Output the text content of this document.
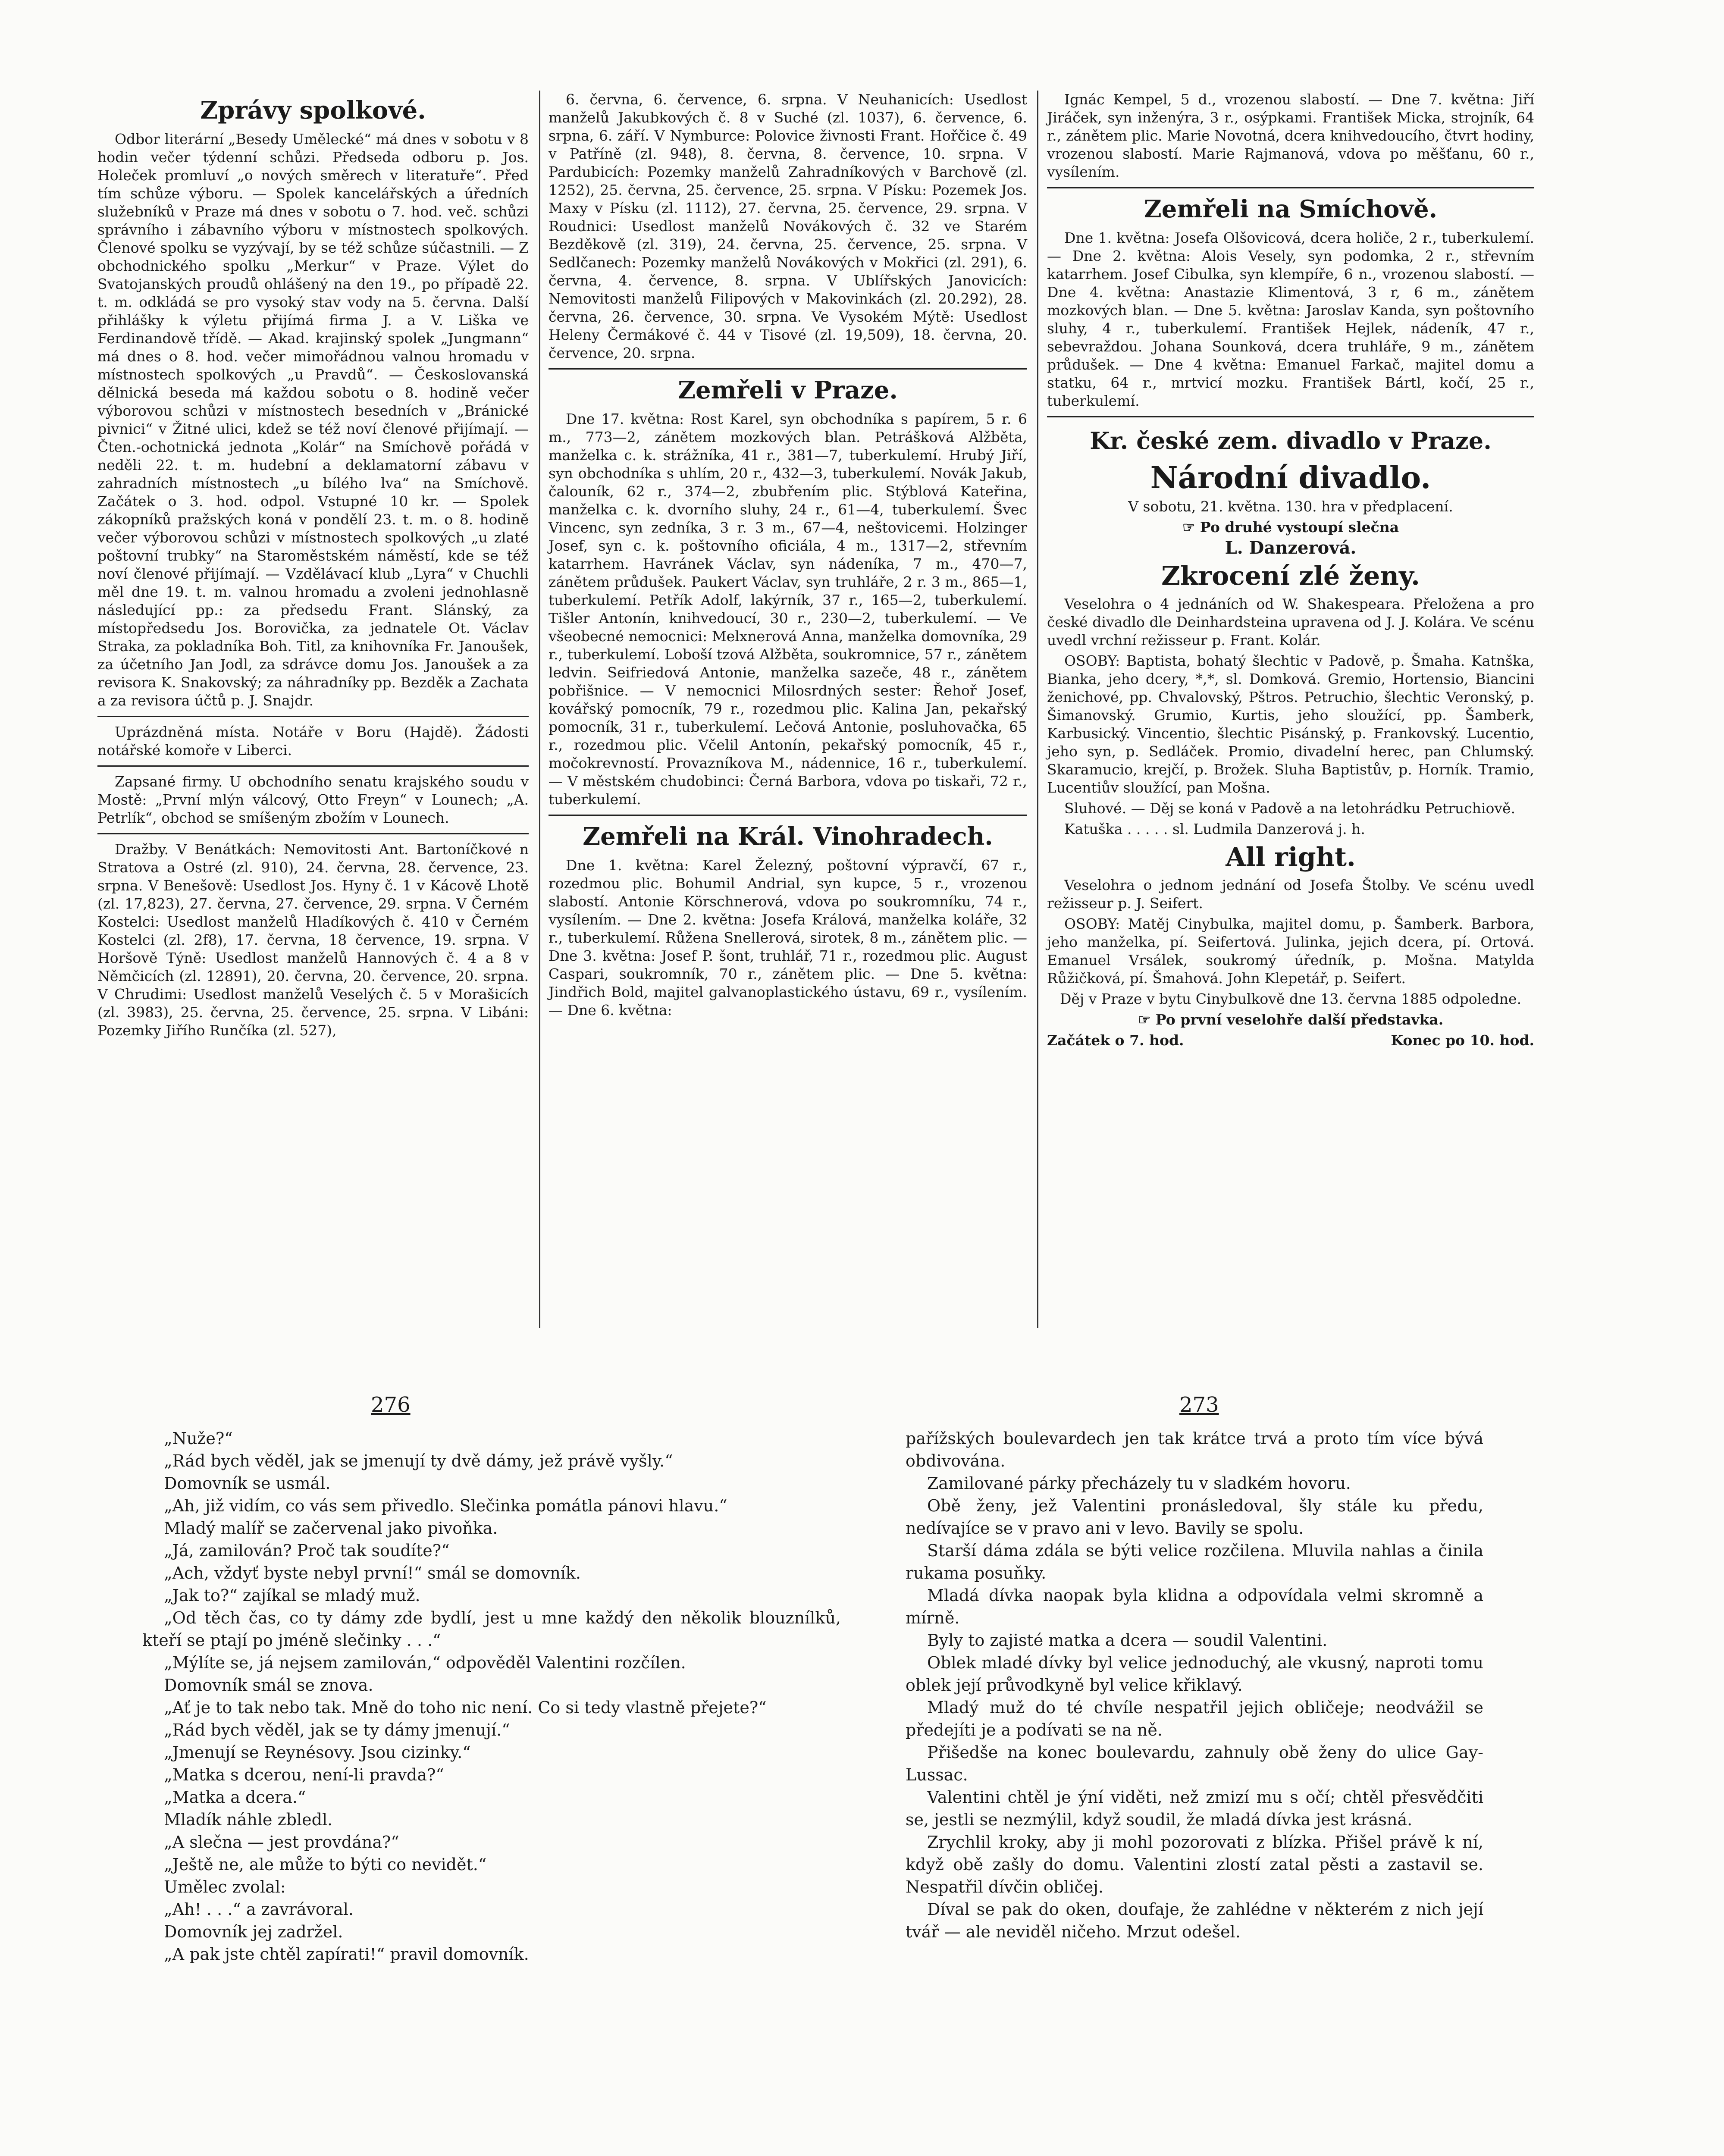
Zprávy spolkové.

Odbor literární „Besedy Umělecké“ má dnes v sobotu v 8 hodin večer týdenní schůzi. Předseda odboru p. Jos. Holeček promluví „o nových směrech v literatuře“. Před tím schůze výboru. — Spolek kancelářských a úředních služebníků v Praze má dnes v sobotu o 7. hod. več. schůzi správního i zábavního výboru v místnostech spolkových. Členové spolku se vyzývají, by se též schůze súčastnili. — Z obchodnického spolku „Merkur“ v Praze. Výlet do Svatojanských proudů ohlášený na den 19., po případě 22. t. m. odkládá se pro vysoký stav vody na 5. června. Další přihlášky k výletu přijímá firma J. a V. Liška ve Ferdinandově třídě. — Akad. krajinský spolek „Jungmann“ má dnes o 8. hod. večer mimořádnou valnou hromadu v místnostech spolkových „u Pravdů“. — Českoslovanská dělnická beseda má každou sobotu o 8. hodině večer výborovou schůzi v místnostech besedních v „Bránické pivnici“ v Žitné ulici, kdež se též noví členové přijímají. — Čten.-ochotnická jednota „Kolár“ na Smíchově pořádá v neděli 22. t. m. hudební a deklamatorní zábavu v zahradních místnostech „u bílého lva“ na Smíchově. Začátek o 3. hod. odpol. Vstupné 10 kr. — Spolek zákopníků pražských koná v pondělí 23. t. m. o 8. hodině večer výborovou schůzi v místnostech spolkových „u zlaté poštovní trubky“ na Staroměstském náměstí, kde se též noví členové přijímají. — Vzdělávací klub „Lyra“ v Chuchli měl dne 19. t. m. valnou hromadu a zvoleni jednohlasně následující pp.: za předsedu Frant. Slánský, za místopředsedu Jos. Borovička, za jednatele Ot. Václav Straka, za pokladníka Boh. Titl, za knihovníka Fr. Janoušek, za účetního Jan Jodl, za sdrávce domu Jos. Janoušek a za revisora K. Snakovský; za náhradníky pp. Bezděk a Zachata a za revisora účtů p. J. Snajdr.

Uprázdněná místa. Notáře v Boru (Hajdě). Žádosti notářské komoře v Liberci.

Zapsané firmy. U obchodního senatu krajského soudu v Mostě: „První mlýn válcový, Otto Freyn“ v Lounech; „A. Petrlík“, obchod se smíšeným zbožím v Lounech.

Dražby. V Benátkách: Nemovitosti Ant. Bartoníčkové n Stratova a Ostré (zl. 910), 24. června, 28. července, 23. srpna. V Benešově: Usedlost Jos. Hyny č. 1 v Kácově Lhotě (zl. 17,823), 27. června, 27. července, 29. srpna. V Černém Kostelci: Usedlost manželů Hladíkových č. 410 v Černém Kostelci (zl. 2f8), 17. června, 18 července, 19. srpna. V Horšově Týně: Usedlost manželů Hannových č. 4 a 8 v Němčicích (zl. 12891), 20. června, 20. července, 20. srpna. V Chrudimi: Usedlost manželů Veselých č. 5 v Morašicích (zl. 3983), 25. června, 25. července, 25. srpna. V Libáni: Pozemky Jiřího Runčíka (zl. 527),

6. června, 6. července, 6. srpna. V Neuhanicích: Usedlost manželů Jakubkových č. 8 v Suché (zl. 1037), 6. července, 6. srpna, 6. září. V Nymburce: Polovice živnosti Frant. Hořčice č. 49 v Patříně (zl. 948), 8. června, 8. července, 10. srpna. V Pardubicích: Pozemky manželů Zahradníkových v Barchově (zl. 1252), 25. června, 25. července, 25. srpna. V Písku: Pozemek Jos. Maxy v Písku (zl. 1112), 27. června, 25. července, 29. srpna. V Roudnici: Usedlost manželů Novákových č. 32 ve Starém Bezděkově (zl. 319), 24. června, 25. července, 25. srpna. V Sedlčanech: Pozemky manželů Novákových v Mokřici (zl. 291), 6. června, 4. července, 8. srpna. V Ublířských Janovicích: Nemovitosti manželů Filipových v Makovinkách (zl. 20.292), 28. června, 26. července, 30. srpna. Ve Vysokém Mýtě: Usedlost Heleny Čermákové č. 44 v Tisové (zl. 19,509), 18. června, 20. července, 20. srpna.

Zemřeli v Praze.

Dne 17. května: Rost Karel, syn obchodníka s papírem, 5 r. 6 m., 773—2, zánětem mozkových blan. Petrášková Alžběta, manželka c. k. strážníka, 41 r., 381—7, tuberkulemí. Hrubý Jiří, syn obchodníka s uhlím, 20 r., 432—3, tuberkulemí. Novák Jakub, čalouník, 62 r., 374—2, zbubřením plic. Stýblová Kateřina, manželka c. k. dvorního sluhy, 24 r., 61—4, tuberkulemí. Švec Vincenc, syn zedníka, 3 r. 3 m., 67—4, neštovicemi. Holzinger Josef, syn c. k. poštovního oficiála, 4 m., 1317—2, střevním katarrhem. Havránek Václav, syn nádeníka, 7 m., 470—7, zánětem průdušek. Paukert Václav, syn truhláře, 2 r. 3 m., 865—1, tuberkulemí. Petřík Adolf, lakýrník, 37 r., 165—2, tuberkulemí. Tišler Antonín, knihvedoucí, 30 r., 230—2, tuberkulemí. — Ve všeobecné nemocnici: Melxnerová Anna, manželka domovníka, 29 r., tuberkulemí. Loboší tzová Alžběta, soukromnice, 57 r., zánětem ledvin. Seifriedová Antonie, manželka sazeče, 48 r., zánětem pobřišnice. — V nemocnici Milosrdných sester: Řehoř Josef, kovářský pomocník, 79 r., rozedmou plic. Kalina Jan, pekařský pomocník, 31 r., tuberkulemí. Lečová Antonie, posluhovačka, 65 r., rozedmou plic. Včelil Antonín, pekařský pomocník, 45 r., močokrevností. Provazníkova M., nádennice, 16 r., tuberkulemí. — V městském chudobinci: Černá Barbora, vdova po tiskaři, 72 r., tuberkulemí.

Zemřeli na Král. Vinohradech.

Dne 1. května: Karel Železný, poštovní výpravčí, 67 r., rozedmou plic. Bohumil Andrial, syn kupce, 5 r., vrozenou slabostí. Antonie Körschnerová, vdova po soukromníku, 74 r., vysílením. — Dne 2. května: Josefa Králová, manželka koláře, 32 r., tuberkulemí. Růžena Snellerová, sirotek, 8 m., zánětem plic. — Dne 3. května: Josef P. šont, truhlář, 71 r., rozedmou plic. August Caspari, soukromník, 70 r., zánětem plic. — Dne 5. května: Jindřich Bold, majitel galvanoplastického ústavu, 69 r., vysílením. — Dne 6. května:

Ignác Kempel, 5 d., vrozenou slabostí. — Dne 7. května: Jiří Jiráček, syn inženýra, 3 r., osýpkami. František Micka, strojník, 64 r., zánětem plic. Marie Novotná, dcera knihvedoucího, čtvrt hodiny, vrozenou slabostí. Marie Rajmanová, vdova po měšťanu, 60 r., vysílením.

Zemřeli na Smíchově.

Dne 1. května: Josefa Olšovicová, dcera holiče, 2 r., tuberkulemí. — Dne 2. května: Alois Vesely, syn podomka, 2 r., střevním katarrhem. Josef Cibulka, syn klempíře, 6 n., vrozenou slabostí. — Dne 4. května: Anastazie Klimentová, 3 r, 6 m., zánětem mozkových blan. — Dne 5. května: Jaroslav Kanda, syn poštovního sluhy, 4 r., tuberkulemí. František Hejlek, nádeník, 47 r., sebevraždou. Johana Sounková, dcera truhláře, 9 m., zánětem průdušek. — Dne 4 května: Emanuel Farkač, majitel domu a statku, 64 r., mrtvicí mozku. František Bártl, kočí, 25 r., tuberkulemí.

Kr. české zem. divadlo v Praze.
Národní divadlo.

V sobotu, 21. května. 130. hra v předplacení.

☞ Po druhé vystoupí slečna

L. Danzerová.

Zkrocení zlé ženy.

Veselohra o 4 jednáních od W. Shakespeara. Přeložena a pro české divadlo dle Deinhardsteina upravena od J. J. Kolára. Ve scénu uvedl vrchní režisseur p. Frant. Kolár.

OSOBY: Baptista, bohatý šlechtic v Padově, p. Šmaha. Katnška, Bianka, jeho dcery, *,*, sl. Domková. Gremio, Hortensio, Biancini ženichové, pp. Chvalovský, Pštros. Petruchio, šlechtic Veronský, p. Šimanovský. Grumio, Kurtis, jeho sloužící, pp. Šamberk, Karbusický. Vincentio, šlechtic Pisánský, p. Frankovský. Lucentio, jeho syn, p. Sedláček. Promio, divadelní herec, pan Chlumský. Skaramucio, krejčí, p. Brožek. Sluha Baptistův, p. Horník. Tramio, Lucentiův sloužící, pan Mošna.

Sluhové. — Děj se koná v Padově a na letohrádku Petruchiově.

Katuška . . . . . sl. Ludmila Danzerová j. h.

All right.

Veselohra o jednom jednání od Josefa Štolby. Ve scénu uvedl režisseur p. J. Seifert.

OSOBY: Matěj Cinybulka, majitel domu, p. Šamberk. Barbora, jeho manželka, pí. Seifertová. Julinka, jejich dcera, pí. Ortová. Emanuel Vrsálek, soukromý úředník, p. Mošna. Matylda Růžičková, pí. Šmahová. John Klepetář, p. Seifert.

Děj v Praze v bytu Cinybulkově dne 13. června 1885 odpoledne.

☞ Po první veselohře další představka.

Začátek o 7. hod.	Konec po 10. hod.
276	273

„Nuže?“

„Rád bych věděl, jak se jmenují ty dvě dámy, jež právě vyšly.“

Domovník se usmál.

„Ah, již vidím, co vás sem přivedlo. Slečinka pomátla pánovi hlavu.“

Mladý malíř se začervenal jako pivoňka.

„Já, zamilován? Proč tak soudíte?“

„Ach, vždyť byste nebyl první!“ smál se domovník.

„Jak to?“ zajíkal se mladý muž.

„Od těch čas, co ty dámy zde bydlí, jest u mne každý den několik blouznílků, kteří se ptají po jméně slečinky . . .“

„Mýlíte se, já nejsem zamilován,“ odpověděl Valentini rozčílen.

Domovník smál se znova.

„Ať je to tak nebo tak. Mně do toho nic není. Co si tedy vlastně přejete?“

„Rád bych věděl, jak se ty dámy jmenují.“

„Jmenují se Reynésovy. Jsou cizinky.“

„Matka s dcerou, není-li pravda?“

„Matka a dcera.“

Mladík náhle zbledl.

„A slečna — jest provdána?“

„Ještě ne, ale může to býti co nevidět.“

Umělec zvolal:

„Ah! . . .“ a zavrávoral.

Domovník jej zadržel.

„A pak jste chtěl zapírati!“ pravil domovník.

pařížských boulevardech jen tak krátce trvá a proto tím více bývá obdivována.

Zamilované párky přecházely tu v sladkém hovoru.

Obě ženy, jež Valentini pronásledoval, šly stále ku předu, nedívajíce se v pravo ani v levo. Bavily se spolu.

Starší dáma zdála se býti velice rozčilena. Mluvila nahlas a činila rukama posuňky.

Mladá dívka naopak byla klidna a odpovídala velmi skromně a mírně.

Byly to zajisté matka a dcera — soudil Valentini.

Oblek mladé dívky byl velice jednoduchý, ale vkusný, naproti tomu oblek její průvodkyně byl velice křiklavý.

Mladý muž do té chvíle nespatřil jejich obličeje; neodvážil se předejíti je a podívati se na ně.

Přišedše na konec boulevardu, zahnuly obě ženy do ulice Gay-Lussac.

Valentini chtěl je ýní viděti, než zmizí mu s očí; chtěl přesvědčiti se, jestli se nezmýlil, když soudil, že mladá dívka jest krásná.

Zrychlil kroky, aby ji mohl pozorovati z blízka. Přišel právě k ní, když obě zašly do domu. Valentini zlostí zatal pěsti a zastavil se. Nespatřil dívčin obličej.

Díval se pak do oken, doufaje, že zahlédne v některém z nich její tvář — ale neviděl ničeho. Mrzut odešel.
